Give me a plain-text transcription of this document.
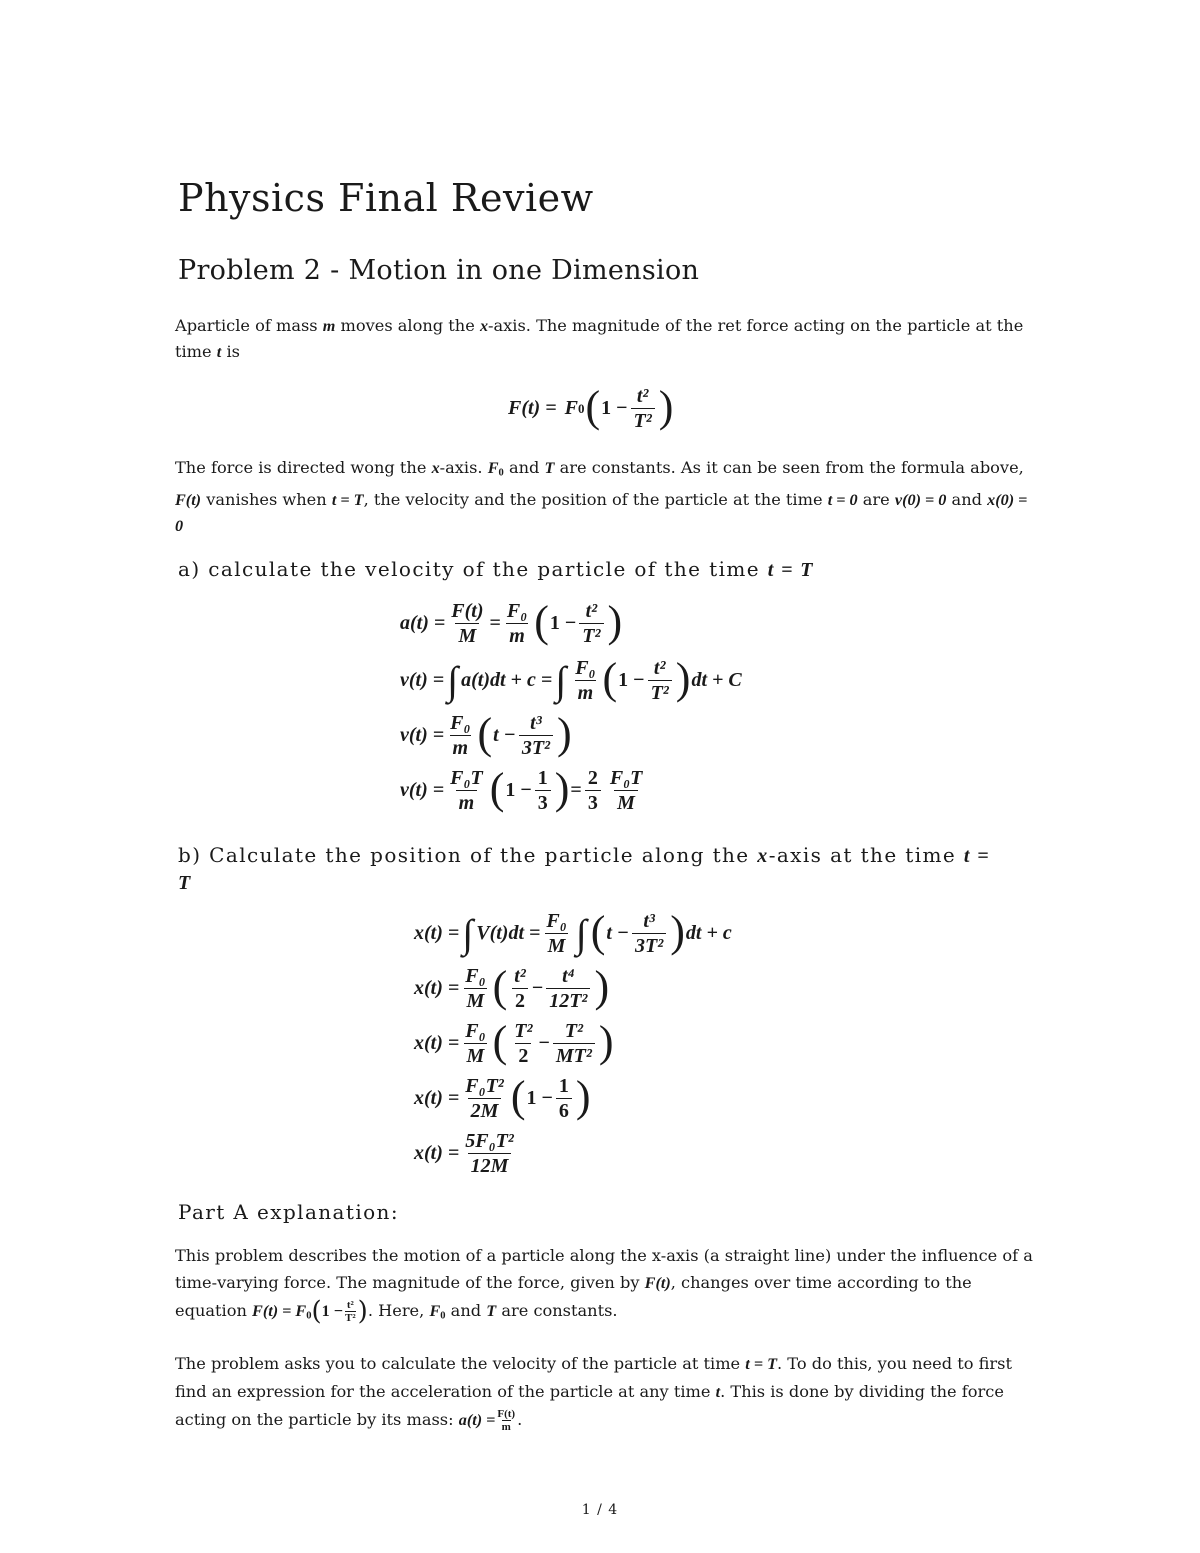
Physics Final Review
Problem 2 - Motion in one Dimension

Aparticle of mass m moves along the x-axis. The magnitude of the ret force acting on the particle at the time t is

F(t) = F 0 ( $1 - \frac{\text{t²}}{\text{T²}}$ )

The force is directed wong the x-axis. $F_0$ and T are constants. As it can be seen from the formula above, F(t) vanishes when t = T, the velocity and the position of the particle at the time t = 0 are v(0) = 0 and x(0) = 0

a) calculate the velocity of the particle of the time t = T
$a(t) = \frac{F(t)}{M} = \frac{\text{F₀}}{m}$ ( $1 - \frac{\text{t²}}{\text{T²}}$ )
v(t) = ∫ a(t)dt + c = ∫ $\frac{\text{F₀}}{m}$ ( $1 - \frac{\text{t²}}{\text{T²}}$ ) dt + C
$v(t) = \frac{\text{F₀}}{m}$ ( $t - \frac{\text{t³}}{\text{3T²}}$ )
$v(t) = \frac{\text{F₀T}}{m}$ ( $1 - \frac{1}{3}$ ) = $\frac{2}{3} \frac{\text{F₀T}}{M}$
b) Calculate the position of the particle along the x-axis at the time t = T
x(t) = ∫ $V(t)dt = \frac{\text{F₀}}{M}$ ∫ ( $t - \frac{\text{t³}}{\text{3T²}}$ ) dt + c
$x(t) = \frac{\text{F₀}}{M}$ ( $\frac{\text{t²}}{2} - \frac{\text{t⁴}}{\text{12T²}}$ )
$x(t) = \frac{\text{F₀}}{M}$ ( $\frac{\text{T²}}{2} - \frac{\text{T²}}{\text{MT²}}$ )
$x(t) = \frac{\text{F₀T²}}{2M}$ ( $1 - \frac{1}{6}$ )
$x(t) = \frac{\text{5F₀T²}}{12M}$
Part A explanation:

This problem describes the motion of a particle along the x-axis (a straight line) under the influence of a time-varying force. The magnitude of the force, given by F(t), changes over time according to the equation $F(t) = F_0(1 - \frac{\text{t²}}{\text{T²}}$ ). Here, $F_0$ and T are constants.

The problem asks you to calculate the velocity of the particle at time t = T. To do this, you need to first find an expression for the acceleration of the particle at any time t. This is done by dividing the force acting on the particle by its mass: $a(t) = \frac{F(t)}{m}$ .

1 / 4
